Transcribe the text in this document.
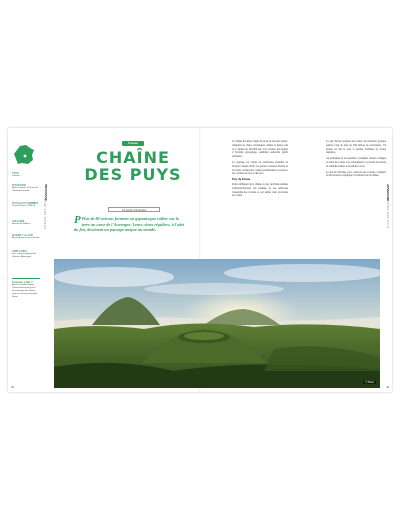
TYPE
Volcans
SITUATION
Massif central, à l'ouest de Clermont-Ferrand
PLUS HAUT SOMMET
Puy de Dôme (1 465 m)
VOLCANS
Environ 80 édifices
QUAND Y ALLER
Au printemps et en automne
VOIR AUSSI
Parc naturel régional des Volcans d'Auvergne
Comment y aller ?
Accès en voiture depuis Clermont-Ferrand, puis le Panoramique des Dômes jusqu'au sommet du puy de Dôme.
AUVERGNE
CHAÎNE DES PUYS
France
CHAÎNE
DES PUYS
Un fossé volcanique
P Plus de 80 volcans forment un gigantesque collier sur la terre au cœur de l'Auvergne. Leurs cônes réguliers, à l'abri du feu, dessinent un paysage unique au monde.

La chaîne des Puys aligne du nord au sud une quatre-vingtaine de cônes volcaniques, dômes et maars, nés il y a moins de 100 000 ans. Ces volcans, très jeunes à l'échelle géologique, semblent endormis plutôt qu'éteints.

Le paysage est classé au patrimoine mondial de l'Unesco depuis 2018. Les pentes couvertes d'herbe et de forêts cachent des cratères parfaitement conservés, des coulées de lave et des lacs.

Puy de Dôme

Point culminant de la chaîne, le puy de Dôme domine Clermont-Ferrand. Au sommet, la vue embrasse l'ensemble des volcans et, par temps clair, les monts du Cantal.

Le puy Pariou présente un cratère en entonnoir presque parfait, long de près de 100 mètres de profondeur. Un sentier en fait le tour et permet d'admirer sa forme régulière.

Au printemps et en automne, la lumière rasante souligne le relief des cônes. Les randonneurs y trouvent un réseau de chemins balisés accessibles à tous.

Le site de Vulcania, parc consacré aux volcans, complète la découverte et explique la formation de la chaîne.

AUVERGNE
CHAÎNE DES PUYS
© Photo
48	49
